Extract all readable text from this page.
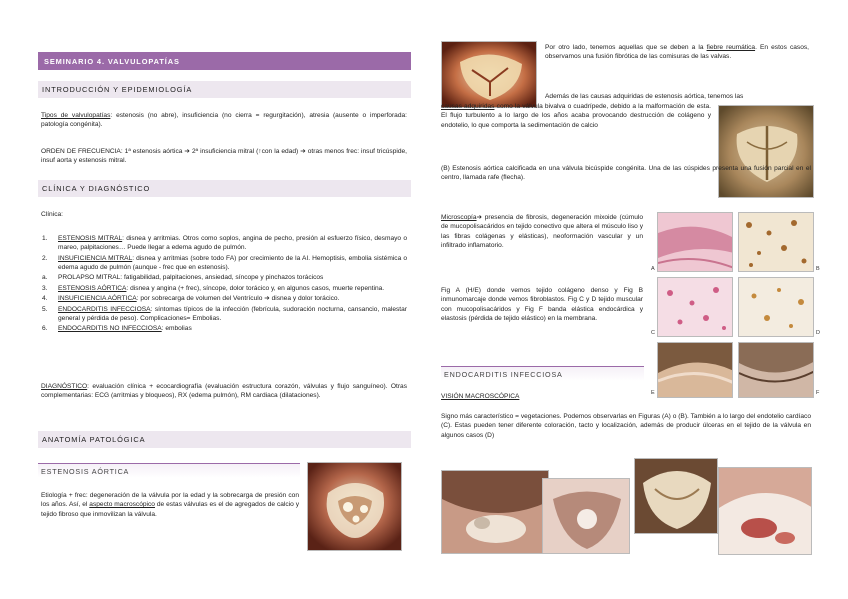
SEMINARIO 4. VALVULOPATÍAS
INTRODUCCIÓN Y EPIDEMIOLOGÍA
Tipos de valvulopatías: estenosis (no abre), insuficiencia (no cierra = regurgitación), atresia (ausente o imperforada: patología congénita).
ORDEN DE FRECUENCIA: 1ª estenosis aórtica ➔ 2ª insuficiencia mitral (↑con la edad) ➔ otras menos frec: insuf tricúspide, insuf aorta y estenosis mitral.
CLÍNICA Y DIAGNÓSTICO
Clínica:
1. ESTENOSIS MITRAL: disnea y arritmias. Otros como soplos, angina de pecho, presión al esfuerzo físico, desmayo o mareo, palpitaciones… Puede llegar a edema agudo de pulmón.
2. INSUFICIENCIA MITRAL: disnea y arritmias (sobre todo FA) por crecimiento de la AI. Hemoptisis, embolia sistémica o edema agudo de pulmón (aunque - frec que en estenosis).
a. PROLAPSO MITRAL: fatigabilidad, palpitaciones, ansiedad, síncope y pinchazos torácicos
3. ESTENOSIS AÓRTICA: disnea y angina (+ frec), síncope, dolor torácico y, en algunos casos, muerte repentina.
4. INSUFICIENCIA AÓRTICA: por sobrecarga de volumen del Ventrículo ➔ disnea y dolor torácico.
5. ENDOCARDITIS INFECCIOSA: síntomas típicos de la infección (febrícula, sudoración nocturna, cansancio, malestar general y pérdida de peso). Complicaciones= Embolias.
6. ENDOCARDITIS NO INFECCIOSA: embolias
DIAGNÓSTICO: evaluación clínica + ecocardiografía (evaluación estructura corazón, válvulas y flujo sanguíneo). Otras complementarias: ECG (arritmias y bloqueos), RX (edema pulmón), RM cardiaca (dilataciones).
ANATOMÍA PATOLÓGICA
ESTENOSIS AÓRTICA
Etiología + frec: degeneración de la válvula por la edad y la sobrecarga de presión con los años. Así, el aspecto macroscópico de estas válvulas es el de agregados de calcio y tejido fibroso que inmovilizan la válvula.
Por otro lado, tenemos aquellas que se deben a la fiebre reumática. En estos casos, observamos una fusión fibrótica de las comisuras de las valvas.
Además de las causas adquiridas de estenosis aórtica, tenemos las
causas adquiridas como la válvula bivalva o cuadrípede, debido a la malformación de esta. El flujo turbulento a lo largo de los años acaba provocando destrucción de colágeno y endotelio, lo que comporta la sedimentación de calcio
(B) Estenosis aórtica calcificada en una válvula bicúspide congénita. Una de las cúspides presenta una fusión parcial en el centro, llamada rafe (flecha).
Microscopía➔ presencia de fibrosis, degeneración mixoide (cúmulo de mucopolisacáridos en tejido conectivo que altera el músculo liso y las fibras colágenas y elásticas), neoformación vascular y un infiltrado inflamatorio.
Fig A (H/E) donde vemos tejido colágeno denso y Fig B inmunomarcaje donde vemos fibroblastos. Fig C y D tejido muscular con mucopolisacáridos y Fig F banda elástica endocárdica y elastosis (pérdida de tejido elástico) en la membrana.
A	B
C	D
E	F
ENDOCARDITIS INFECCIOSA
VISIÓN MACROSCÓPICA
Signo más característico = vegetaciones. Podemos observarlas en Figuras (A) o (B). También a lo largo del endotelio cardíaco (C). Estas pueden tener diferente coloración, tacto y localización, además de producir úlceras en el tejido de la válvula en algunos casos (D)
